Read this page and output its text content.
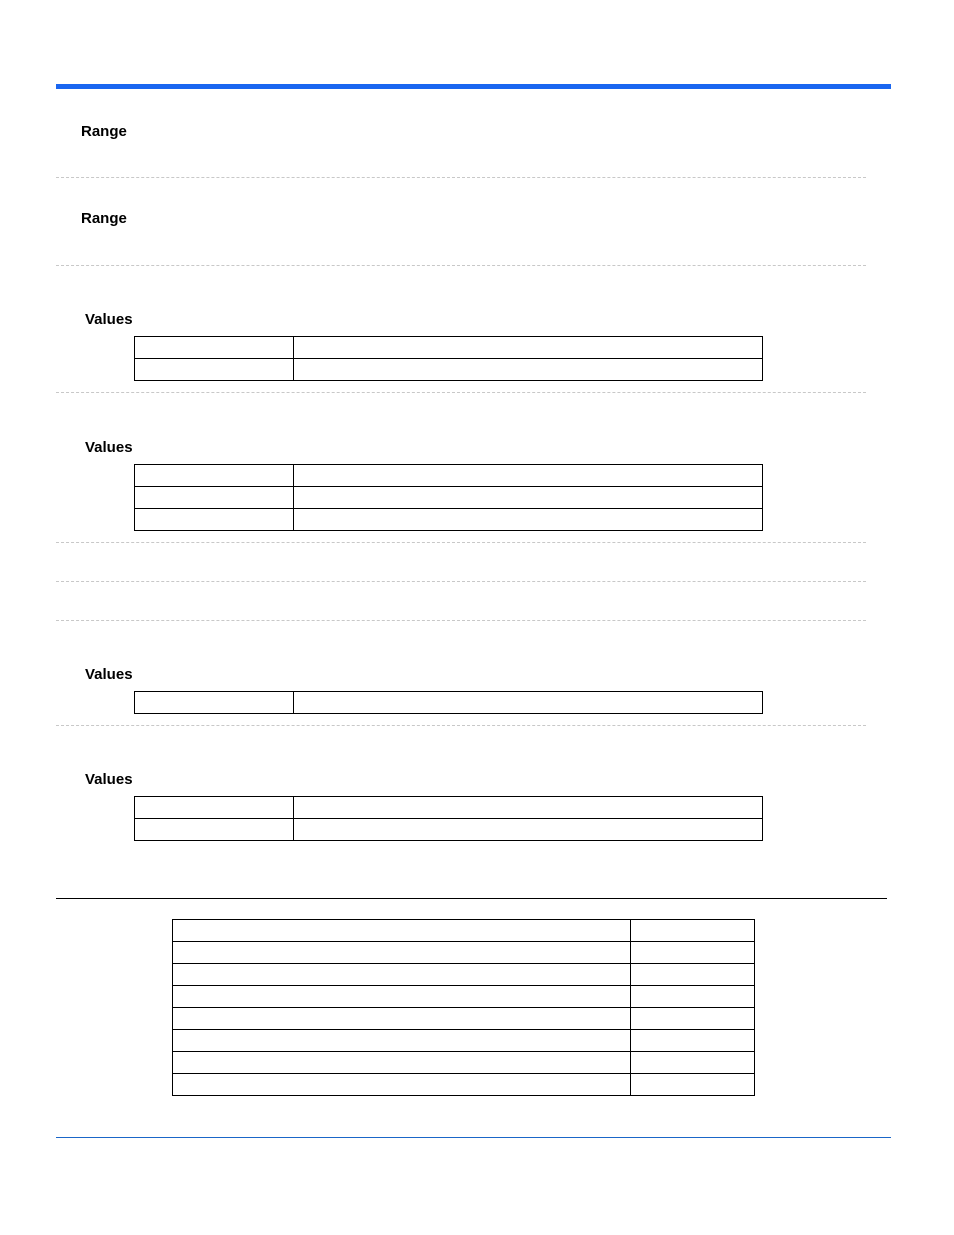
Range
Range
Values

Values

Values

Values
